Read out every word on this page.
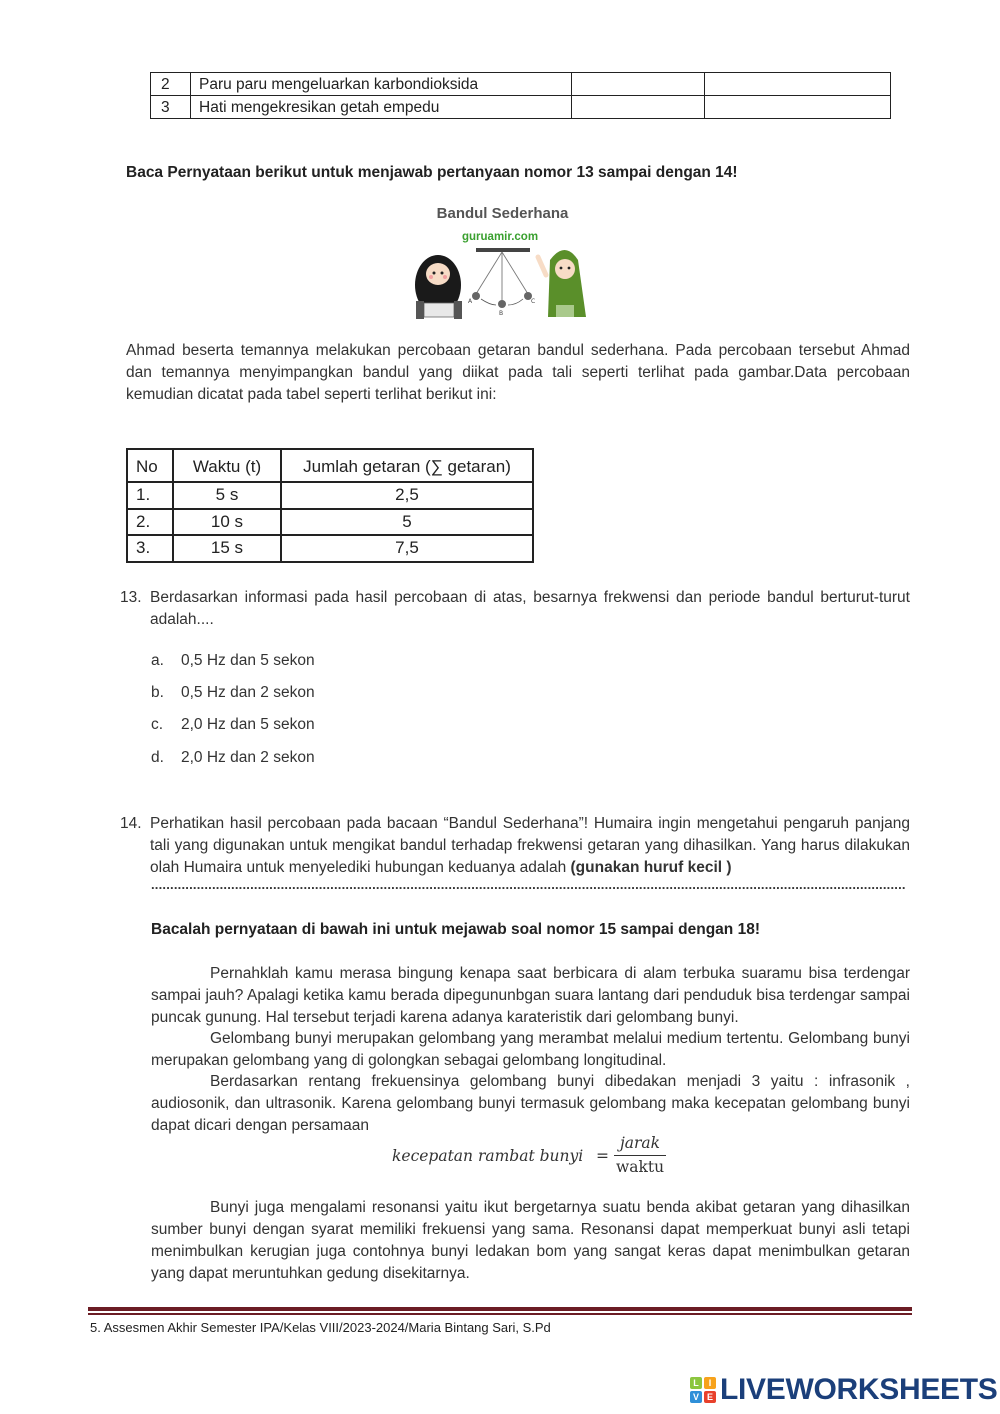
2	Paru paru mengeluarkan karbondioksida		
3	Hati mengekresikan getah empedu		
Baca Pernyataan berikut untuk menjawab pertanyaan nomor 13 sampai dengan 14!
Bandul Sederhana
guruamir.com
A
B
C
Ahmad beserta temannya melakukan percobaan getaran bandul sederhana. Pada percobaan tersebut Ahmad dan temannya menyimpangkan bandul yang diikat pada tali seperti terlihat pada gambar.Data percobaan kemudian dicatat pada tabel seperti terlihat berikut ini:
No	Waktu (t)	Jumlah getaran (∑ getaran)
1.	5 s	2,5
2.	10 s	5
3.	15 s	7,5
13. Berdasarkan informasi pada hasil percobaan di atas, besarnya frekwensi dan periode bandul berturut-turut adalah....
a. 0,5 Hz dan 5 sekon
b. 0,5 Hz dan 2 sekon
c. 2,0 Hz dan 5 sekon
d. 2,0 Hz dan 2 sekon
14. Perhatikan hasil percobaan pada bacaan “Bandul Sederhana”! Humaira ingin mengetahui pengaruh panjang tali yang digunakan untuk mengikat bandul terhadap frekwensi getaran yang dihasilkan. Yang harus dilakukan olah Humaira untuk menyelediki hubungan keduanya adalah (gunakan huruf kecil )
......................................................................................................................................................................................................
Bacalah pernyataan di bawah ini untuk mejawab soal nomor 15 sampai dengan 18!
Pernahklah kamu merasa bingung kenapa saat berbicara di alam terbuka suaramu bisa terdengar sampai jauh? Apalagi ketika kamu berada dipegununbgan suara lantang dari penduduk bisa terdengar sampai puncak gunung. Hal tersebut terjadi karena adanya karateristik dari gelombang bunyi.
Gelombang bunyi merupakan gelombang yang merambat melalui medium tertentu. Gelombang bunyi merupakan gelombang yang di golongkan sebagai gelombang longitudinal.
Berdasarkan rentang frekuensinya gelombang bunyi dibedakan menjadi 3 yaitu : infrasonik , audiosonik, dan ultrasonik. Karena gelombang bunyi termasuk gelombang maka kecepatan gelombang bunyi dapat dicari dengan persamaan
kecepatan rambat bunyi =
jarak
waktu
Bunyi juga mengalami resonansi yaitu ikut bergetarnya suatu benda akibat getaran yang dihasilkan sumber bunyi dengan syarat memiliki frekuensi yang sama. Resonansi dapat memperkuat bunyi asli tetapi menimbulkan kerugian juga contohnya bunyi ledakan bom yang sangat keras dapat menimbulkan getaran yang dapat meruntuhkan gedung disekitarnya.
5. Assesmen Akhir Semester IPA/Kelas VIII/2023-2024/Maria Bintang Sari, S.Pd
L	I
V E LIVEWORKSHEETS
